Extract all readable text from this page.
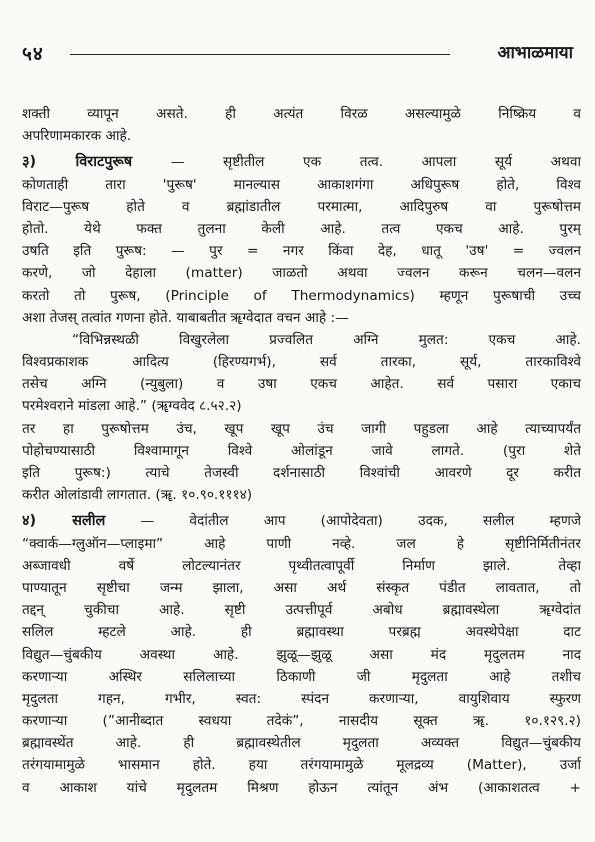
५४	आभाळमाया
शक्ती व्यापून असते. ही अत्यंत विरळ असल्यामुळे निष्क्रिय व
अपरिणामकारक आहे.
३) विराटपुरूष — सृष्टीतील एक तत्व. आपला सूर्य अथवा
कोणताही तारा 'पुरूष' मानल्यास आकाशगंगा अधिपुरूष होते, विश्व
विराट—पुरूष होते व ब्रह्मांडातील परमात्मा, आदिपुरुष वा पुरूषोत्तम
होतो. येथे फक्त तुलना केली आहे. तत्व एकच आहे. पुरम्
उषति इति पुरूष: — पुर = नगर किंवा देह, धातू 'उष' = ज्वलन
करणे, जो देहाला (matter) जाळतो अथवा ज्वलन करून चलन—वलन
करतो तो पुरूष, (Principle of Thermodynamics) म्हणून पुरूषाची उच्च
अशा तेजस् तत्वांत गणना होते. याबाबतीत ॠग्वेदात वचन आहे :—
“विभिन्नस्थळी विखुरलेला प्रज्वलित अग्नि मुलत: एकच आहे.
विश्वप्रकाशक आदित्य (हिरण्यगर्भ), सर्व तारका, सूर्य, तारकाविश्वे
तसेच अग्नि (न्युबुला) व उषा एकच आहेत. सर्व पसारा एकाच
परमेश्वराने मांडला आहे.” (ॠग्ववेद ८.५२.२)
तर हा पुरूषोत्तम उंच, खूप खूप उंच जागी पहुडला आहे त्याच्यापर्यंत
पोहोचण्यासाठी विश्वामागून विश्वे ओलांडून जावे लागते. (पुरा शेते
इति पुरूष:) त्याचे तेजस्वी दर्शनासाठी विश्वांची आवरणे दूर करीत
करीत ओलांडावी लागतात. (ॠ. १०.९०.१११४)
४) सलील — वेदांतील आप (आपोदेवता) उदक, सलील म्हणजे
“क्वार्क—ग्लुऑन—प्लाइमा” आहे पाणी नव्हे. जल हे सृष्टीनिर्मितीनंतर
अब्जावधी वर्षे लोटल्यानंतर पृथ्वीतत्वापूर्वी निर्माण झाले. तेव्हा
पाण्यातून सृष्टीचा जन्म झाला, असा अर्थ संस्कृत पंडीत लावतात, तो
तद्दन् चुकीचा आहे. सृष्टी उत्पत्तीपूर्व अबोध ब्रह्मावस्थेला ॠग्वेदांत
सलिल म्हटले आहे. ही ब्रह्मावस्था परब्रह्म अवस्थेपेक्षा दाट
विद्युत—चुंबकीय अवस्था आहे. झुळू—झुळू असा मंद मृदुलतम नाद
करणाऱ्या अस्थिर सलिलाच्या ठिकाणी जी मृदुलता आहे तशीच
मृदुलता गहन, गभीर, स्वत: स्पंदन करणाऱ्या, वायुशिवाय स्फुरण
करणाऱ्या (”आनीब्दात स्वधया तदेकं”, नासदीय सूक्त ॠ. १०.१२९.२)
ब्रह्मावस्थेंत आहे. ही ब्रह्मावस्थेतील मृदुलता अव्यक्त विद्युत—चुंबकीय
तरंगयामामुळे भासमान होते. हया तरंगयामामुळे मूलद्रव्य (Matter), उर्जा
व आकाश यांचे मृदुलतम मिश्रण होऊन त्यांतून अंभ (आकाशतत्व +
